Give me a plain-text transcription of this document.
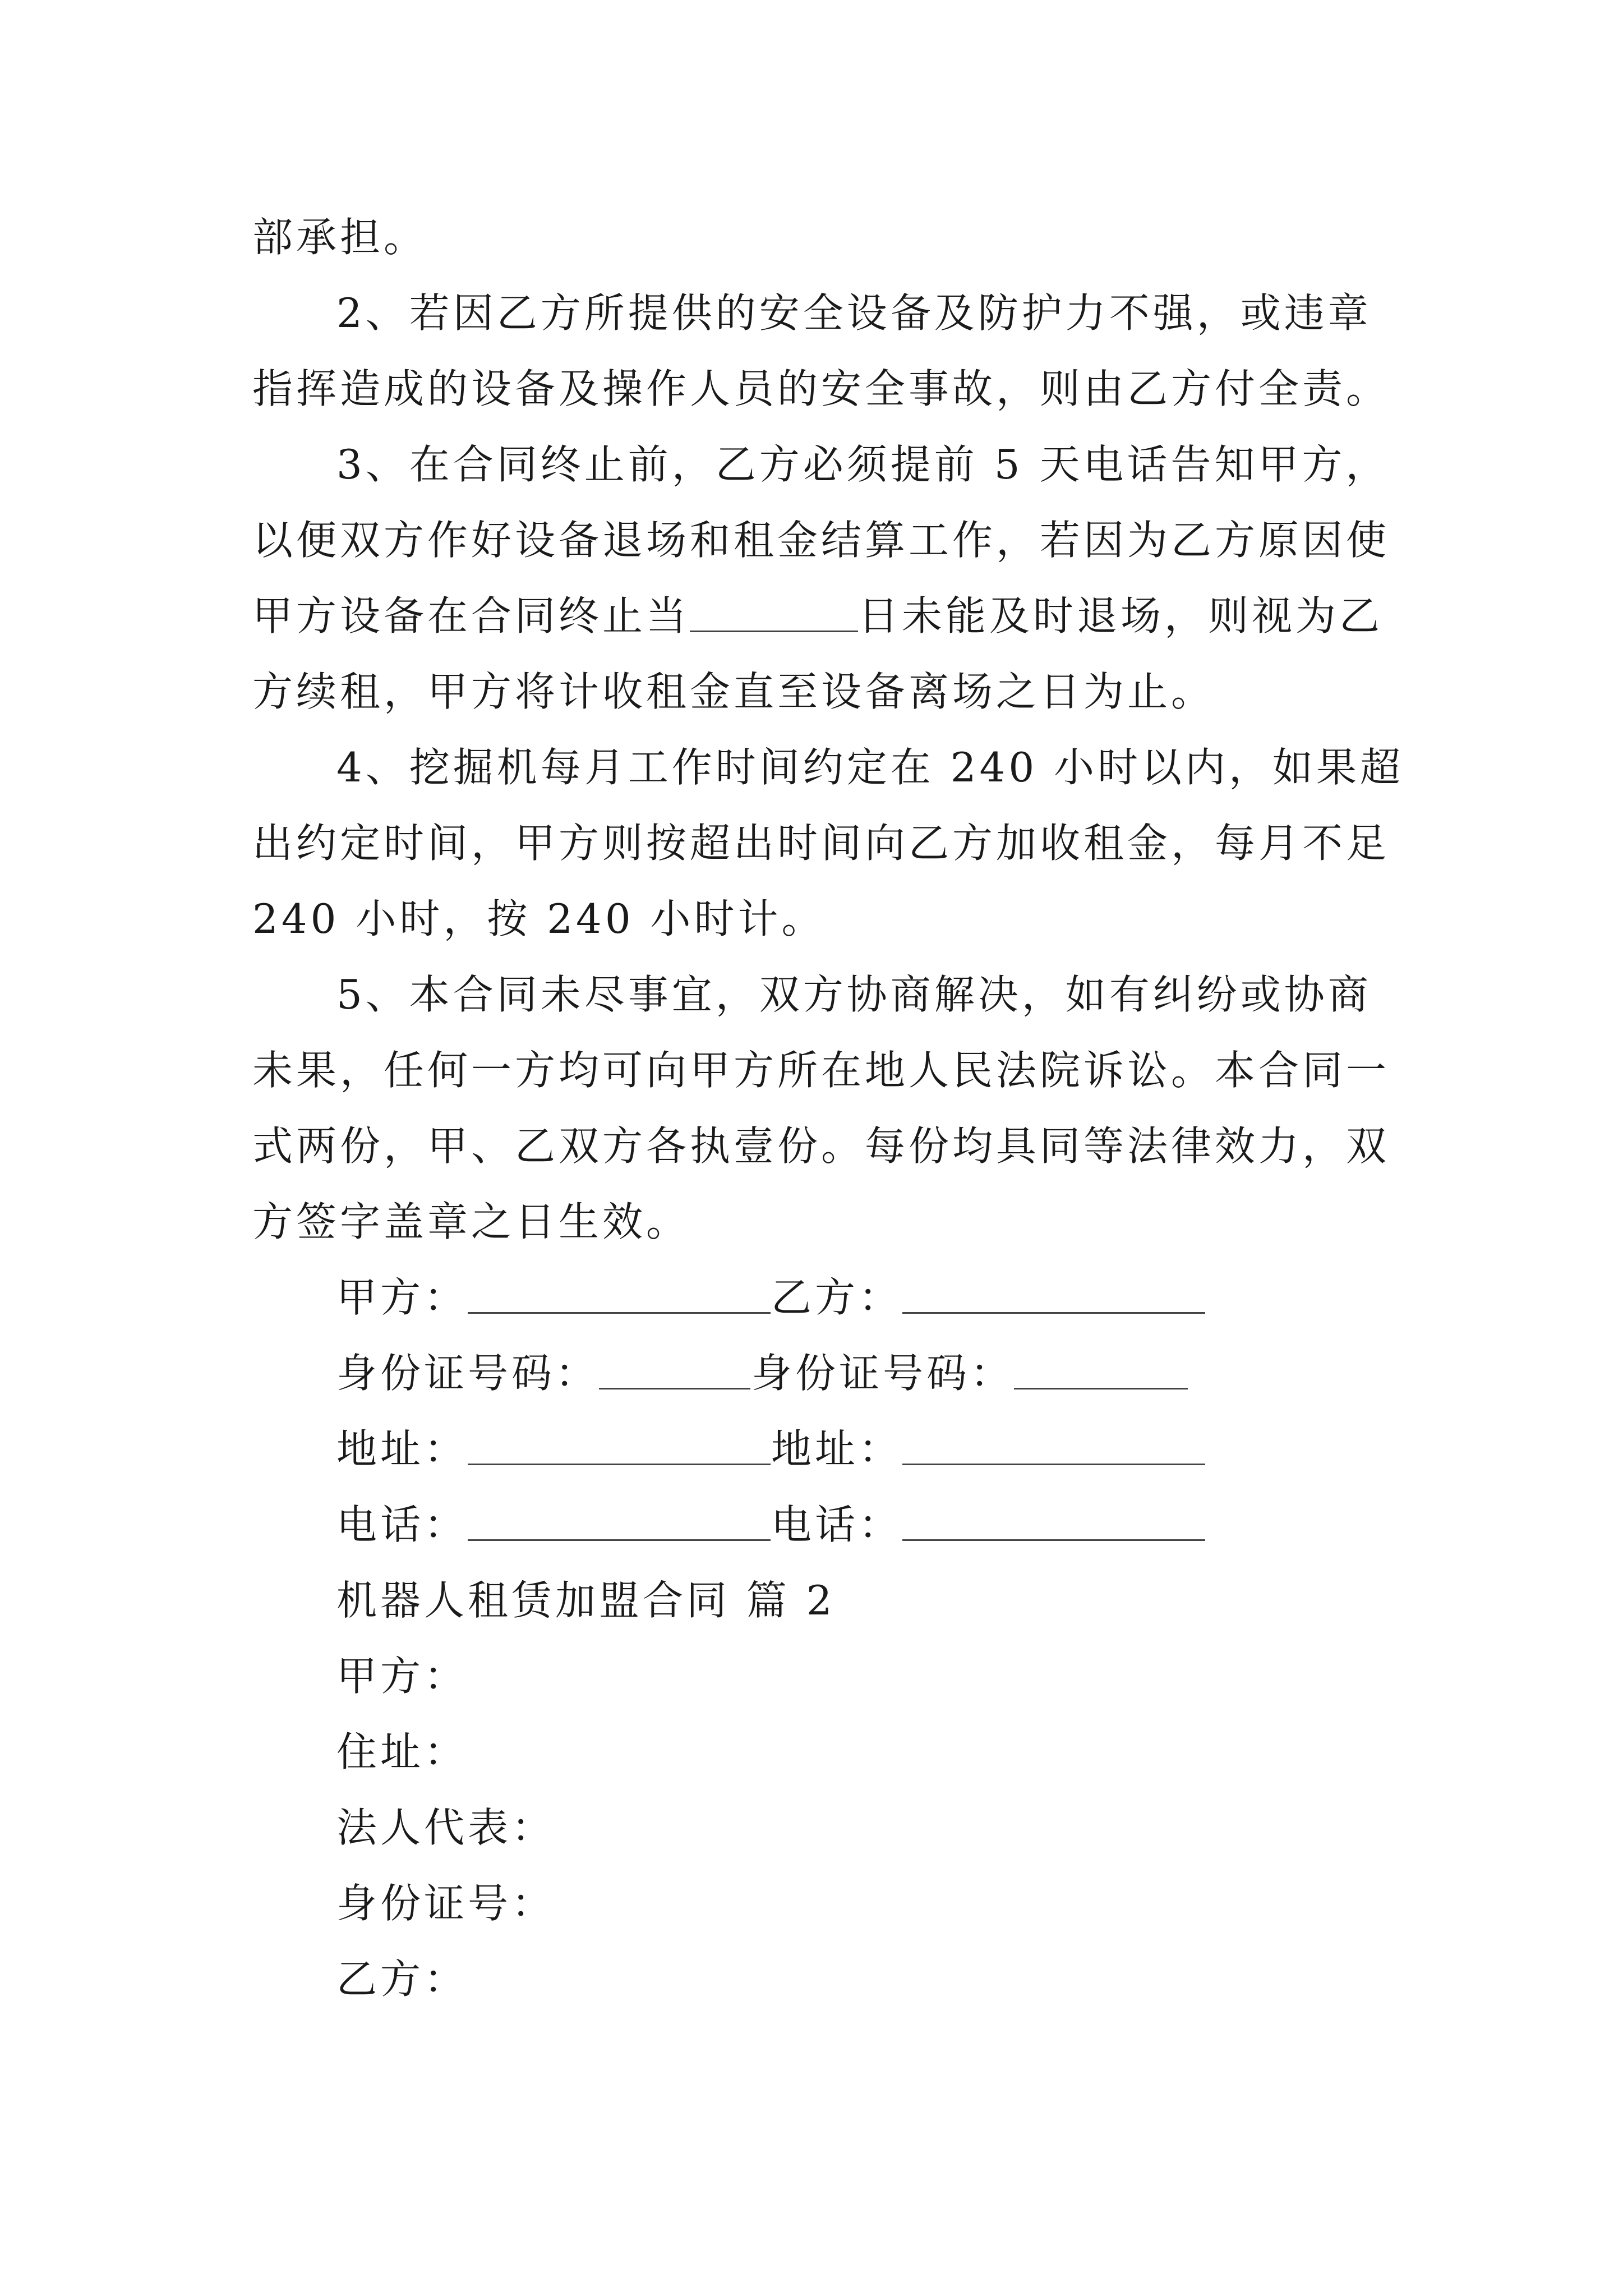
部承担。
2、若因乙方所提供的安全设备及防护力不强，或违章
指挥造成的设备及操作人员的安全事故，则由乙方付全责。
3、在合同终止前，乙方必须提前 5 天电话告知甲方，
以便双方作好设备退场和租金结算工作，若因为乙方原因使
甲方设备在合同终止当	日未能及时退场，则视为乙
方续租，甲方将计收租金直至设备离场之日为止。
4、挖掘机每月工作时间约定在 240 小时以内，如果超
出约定时间，甲方则按超出时间向乙方加收租金，每月不足
240 小时，按 240 小时计。
5、本合同未尽事宜，双方协商解决，如有纠纷或协商
未果，任何一方均可向甲方所在地人民法院诉讼。本合同一
式两份，甲、乙双方各执壹份。每份均具同等法律效力，双
方签字盖章之日生效。
甲方：	乙方：
身份证号码：	身份证号码：
地址：	地址：
电话：	电话：
机器人租赁加盟合同 篇 2
甲方：
住址：
法人代表：
身份证号：
乙方：
